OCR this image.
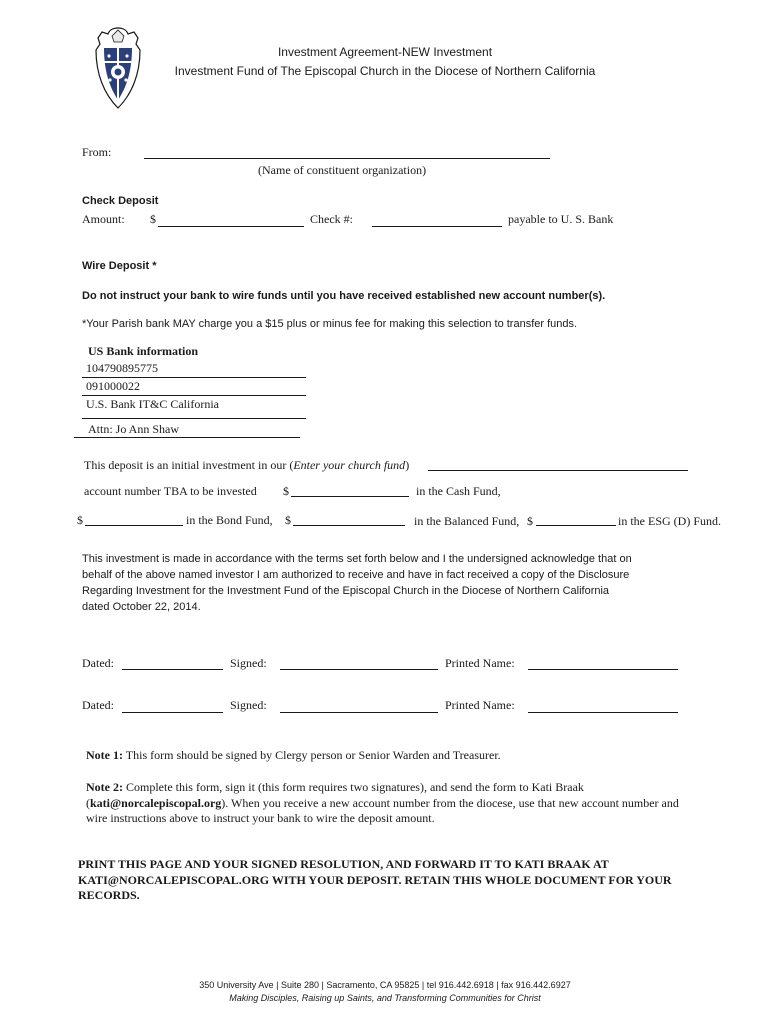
Investment Agreement-NEW Investment
Investment Fund of The Episcopal Church in the Diocese of Northern California
From:
(Name of constituent organization)
Check Deposit
Amount: $	Check #:	payable to U. S. Bank
Wire Deposit *
Do not instruct your bank to wire funds until you have received established new account number(s).
*Your Parish bank MAY charge you a $15 plus or minus fee for making this selection to transfer funds.
US Bank information
104790895775
091000022
U.S. Bank IT&C California
Attn: Jo Ann Shaw
This deposit is an initial investment in our (Enter your church fund)
account number TBA to be invested $	in the Cash Fund,
$	in the Bond Fund, $	in the Balanced Fund, $	in the ESG (D) Fund.
This investment is made in accordance with the terms set forth below and I the undersigned acknowledge that on
behalf of the above named investor I am authorized to receive and have in fact received a copy of the Disclosure
Regarding Investment for the Investment Fund of the Episcopal Church in the Diocese of Northern California
dated October 22, 2014.
Dated:	Signed:	Printed Name:
Dated:	Signed:	Printed Name:
Note 1: This form should be signed by Clergy person or Senior Warden and Treasurer.
Note 2: Complete this form, sign it (this form requires two signatures), and send the form to Kati Braak
(kati@norcalepiscopal.org). When you receive a new account number from the diocese, use that new account number and
wire instructions above to instruct your bank to wire the deposit amount.
PRINT THIS PAGE AND YOUR SIGNED RESOLUTION, AND FORWARD IT TO KATI BRAAK AT
KATI@NORCALEPISCOPAL.ORG WITH YOUR DEPOSIT. RETAIN THIS WHOLE DOCUMENT FOR YOUR
RECORDS.
350 University Ave | Suite 280 | Sacramento, CA 95825 | tel 916.442.6918 | fax 916.442.6927
Making Disciples, Raising up Saints, and Transforming Communities for Christ
